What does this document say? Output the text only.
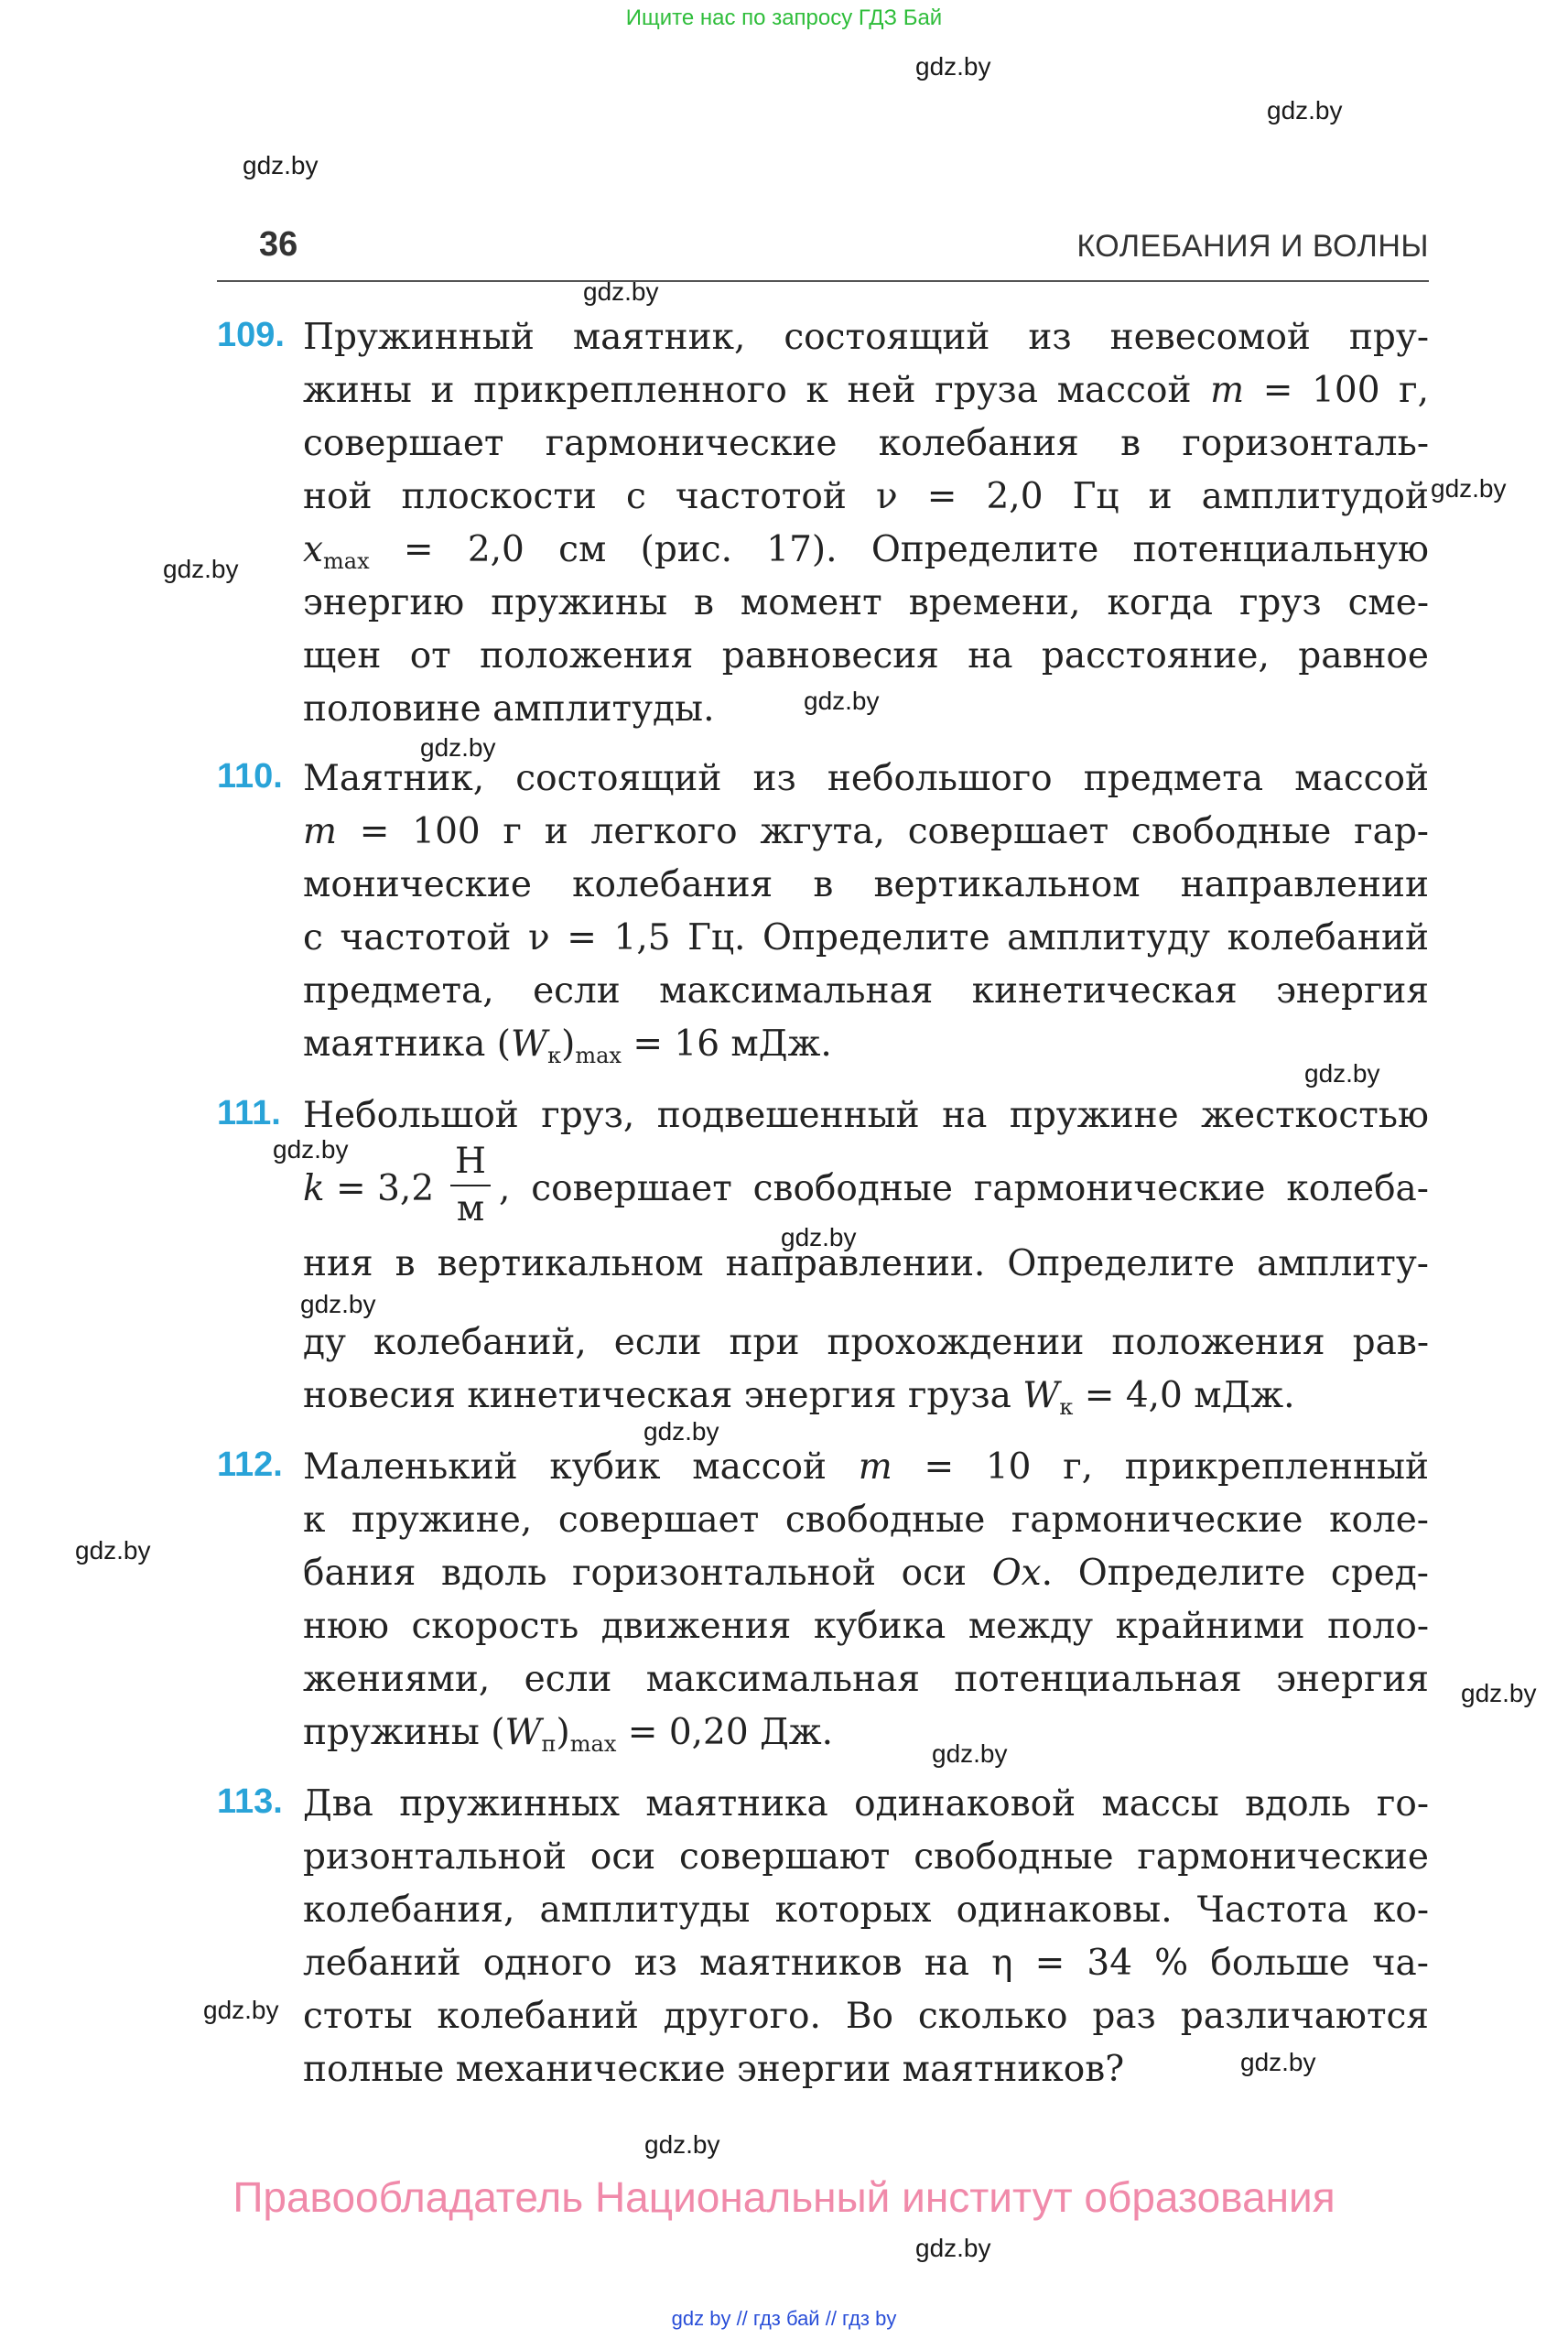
Ищите нас по запросу ГДЗ Бай
36	КОЛЕБАНИЯ И ВОЛНЫ
gdz.by
gdz.by
gdz.by
gdz.by
gdz.by
gdz.by
gdz.by
gdz.by
gdz.by
gdz.by
gdz.by
gdz.by
gdz.by
gdz.by
gdz.by
gdz.by
gdz.by
gdz.by
gdz.by
gdz.by
109. Пружинный маятник, состоящий из невесомой пру-
жины и прикрепленного к ней груза массой m = 100 г,
совершает гармонические колебания в горизонталь-
ной плоскости с частотой ν = 2,0 Гц и амплитудой
$x_{max} = 2,0$ см (рис. 17). Определите потенциальную
энергию пружины в момент времени, когда груз сме-
щен от положения равновесия на расстояние, равное
половине амплитуды.
110. Маятник, состоящий из небольшого предмета массой
m = 100 г и легкого жгута, совершает свободные гар-
монические колебания в вертикальном направлении
с частотой ν = 1,5 Гц. Определите амплитуду колебаний
предмета, если максимальная кинетическая энергия
маятника $(W_к)_{max} = 16$ мДж.
111. Небольшой груз, подвешенный на пружине жесткостью
k = 3,2
Н
м , совершает свободные гармонические колеба-
ния в вертикальном направлении. Определите амплиту-
ду колебаний, если при прохождении положения рав-
новесия кинетическая энергия груза $W_к = 4,0$ мДж.
112. Маленький кубик массой m = 10 г, прикрепленный
к пружине, совершает свободные гармонические коле-
бания вдоль горизонтальной оси Ox. Определите сред-
нюю скорость движения кубика между крайними поло-
жениями, если максимальная потенциальная энергия
пружины $(W_п)_{max} = 0,20$ Дж.
113. Два пружинных маятника одинаковой массы вдоль го-
ризонтальной оси совершают свободные гармонические
колебания, амплитуды которых одинаковы. Частота ко-
лебаний одного из маятников на η = 34 % больше ча-
стоты колебаний другого. Во сколько раз различаются
полные механические энергии маятников?
Правообладатель Национальный институт образования
gdz by // гдз бай // гдз by
